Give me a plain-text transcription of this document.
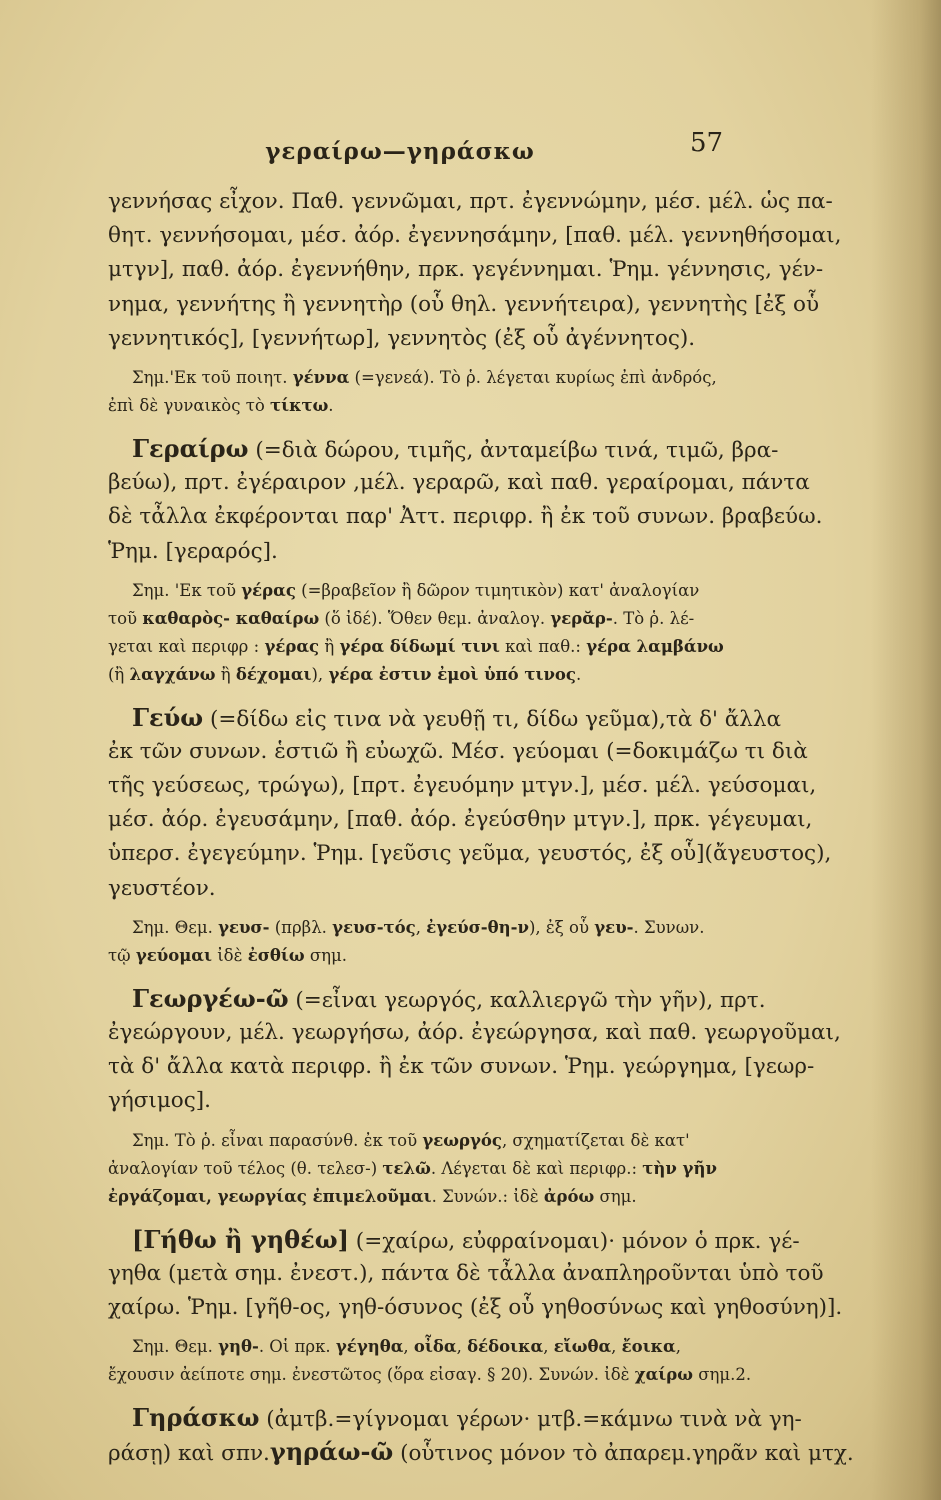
γεραίρω—γηράσκω	57
γεννήσας εἶχον. Παθ. γεννῶμαι, πρτ. ἐγεννώμην, μέσ. μέλ. ὡς πα-
θητ. γεννήσομαι, μέσ. ἀόρ. ἐγεννησάμην, [παθ. μέλ. γεννηθήσομαι,
μτγν], παθ. ἀόρ. ἐγεννήθην, πρκ. γεγέννημαι. Ῥημ. γέννησις, γέν-
νημα, γεννήτης ἢ γεννητὴρ (οὗ θηλ. γεννήτειρα), γεννητὴς [ἐξ οὗ
γεννητικός], [γεννήτωρ], γεννητὸς (ἐξ οὗ ἀγέννητος).
Σημ.'Εκ τοῦ ποιητ. γέννα (=γενεά). Τὸ ῥ. λέγεται κυρίως ἐπὶ ἀνδρός,
ἐπὶ δὲ γυναικὸς τὸ τίκτω.
Γεραίρω (=διὰ δώρου, τιμῆς, ἀνταμείβω τινά, τιμῶ, βρα-
βεύω), πρτ. ἐγέραιρον ,μέλ. γεραρῶ, καὶ παθ. γεραίρομαι, πάντα
δὲ τἆλλα ἐκφέρονται παρ' Ἀττ. περιφρ. ἢ ἐκ τοῦ συνων. βραβεύω.
Ῥημ. [γεραρός].
Σημ. 'Εκ τοῦ γέρας (=βραβεῖον ἢ δῶρον τιμητικὸν) κατ' ἀναλογίαν
τοῦ καθαρὸς- καθαίρω (ὅ ἰδέ). Ὅθεν θεμ. ἀναλογ. γερᾰρ-. Τὸ ῥ. λέ-
γεται καὶ περιφρ : γέρας ἢ γέρα δίδωμί τινι καὶ παθ.: γέρα λαμβάνω
(ἢ λαγχάνω ἢ δέχομαι), γέρα ἐστιν ἐμοὶ ὑπό τινος.
Γεύω (=δίδω εἰς τινα νὰ γευθῇ τι, δίδω γεῦμα),τὰ δ' ἄλλα
ἐκ τῶν συνων. ἑστιῶ ἢ εὐωχῶ. Μέσ. γεύομαι (=δοκιμάζω τι διὰ
τῆς γεύσεως, τρώγω), [πρτ. ἐγευόμην μτγν.], μέσ. μέλ. γεύσομαι,
μέσ. ἀόρ. ἐγευσάμην, [παθ. ἀόρ. ἐγεύσθην μτγν.], πρκ. γέγευμαι,
ὑπερσ. ἐγεγεύμην. Ῥημ. [γεῦσις γεῦμα, γευστός, ἐξ οὗ](ἄγευστος),
γευστέον.
Σημ. Θεμ. γευσ- (πρβλ. γευσ-τός, ἐγεύσ-θη-ν), ἐξ οὗ γευ-. Συνων.
τῷ γεύομαι ἰδὲ ἐσθίω σημ.
Γεωργέω-ῶ (=εἶναι γεωργός, καλλιεργῶ τὴν γῆν), πρτ.
ἐγεώργουν, μέλ. γεωργήσω, ἀόρ. ἐγεώργησα, καὶ παθ. γεωργοῦμαι,
τὰ δ' ἄλλα κατὰ περιφρ. ἢ ἐκ τῶν συνων. Ῥημ. γεώργημα, [γεωρ-
γήσιμος].
Σημ. Τὸ ῥ. εἶναι παρασύνθ. ἐκ τοῦ γεωργός, σχηματίζεται δὲ κατ'
ἀναλογίαν τοῦ τέλος (θ. τελεσ-) τελῶ. Λέγεται δὲ καὶ περιφρ.: τὴν γῆν
ἐργάζομαι, γεωργίας ἐπιμελοῦμαι. Συνών.: ἰδὲ ἀρόω σημ.
[Γήθω ἢ γηθέω] (=χαίρω, εὐφραίνομαι)· μόνον ὁ πρκ. γέ-
γηθα (μετὰ σημ. ἐνεστ.), πάντα δὲ τἆλλα ἀναπληροῦνται ὑπὸ τοῦ
χαίρω. Ῥημ. [γῆθ-ος, γηθ-όσυνος (ἐξ οὗ γηθοσύνως καὶ γηθοσύνη)].
Σημ. Θεμ. γηθ-. Οἱ πρκ. γέγηθα, οἶδα, δέδοικα, εἴωθα, ἔοικα,
ἔχουσιν ἀείποτε σημ. ἐνεστῶτος (ὅρα εἰσαγ. § 20). Συνών. ἰδὲ χαίρω σημ.2.
Γηράσκω (ἀμτβ.=γίγνομαι γέρων· μτβ.=κάμνω τινὰ νὰ γη-
ράσῃ) καὶ σπν.γηράω-ῶ (οὗτινος μόνον τὸ ἀπαρεμ.γηρᾶν καὶ μτχ.
